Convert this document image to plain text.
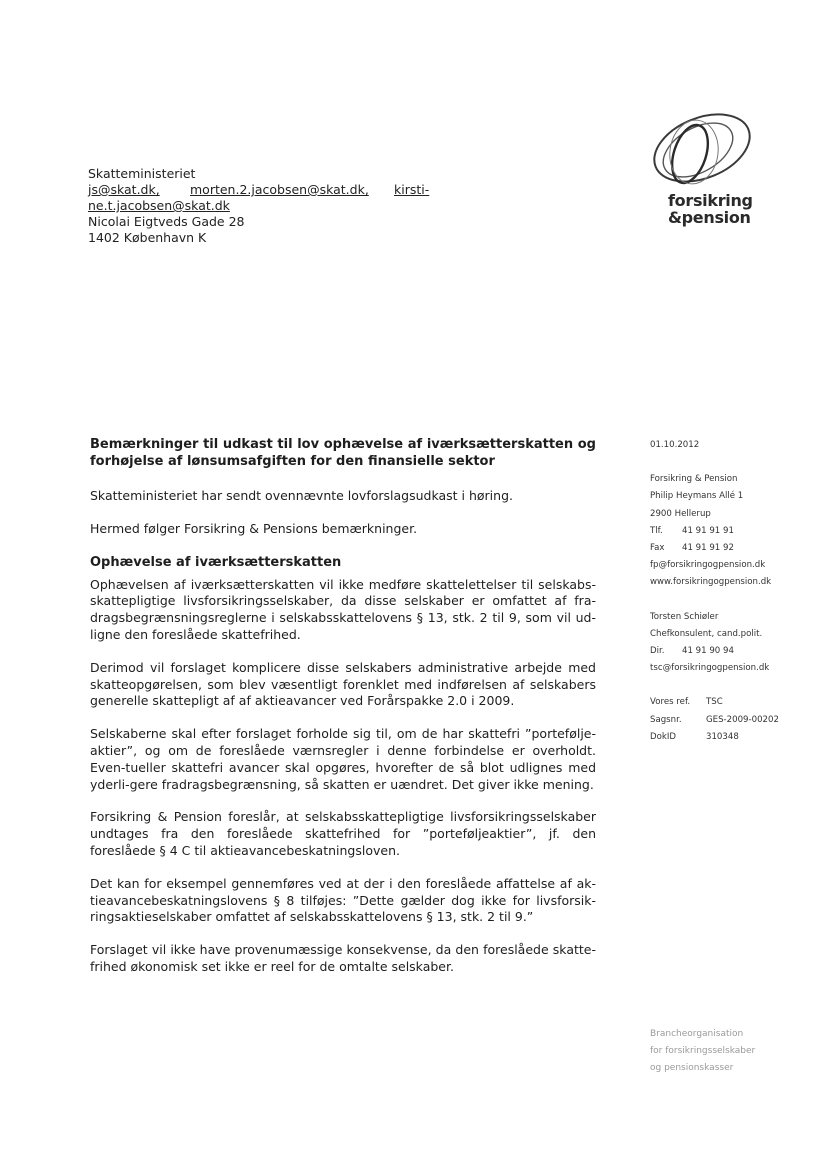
Skatteministeriet
js@skat.dk, morten.2.jacobsen@skat.dk, kirsti-
ne.t.jacobsen@skat.dk
Nicolai Eigtveds Gade 28
1402 København K
forsikring
&pension
Bemærkninger til udkast til lov ophævelse af iværksætterskatten og forhøjelse af lønsumsafgiften for den finansielle sektor

Skatteministeriet har sendt ovennævnte lovforslagsudkast i høring.

Hermed følger Forsikring & Pensions bemærkninger.

Ophævelse af iværksætterskatten

Ophævelsen af iværksætterskatten vil ikke medføre skattelettelser til selskabs-skattepligtige livsforsikringsselskaber, da disse selskaber er omfattet af fra-dragsbegrænsningsreglerne i selskabsskattelovens § 13, stk. 2 til 9, som vil ud-ligne den foreslåede skattefrihed.

Derimod vil forslaget komplicere disse selskabers administrative arbejde med skatteopgørelsen, som blev væsentligt forenklet med indførelsen af selskabers generelle skattepligt af af aktieavancer ved Forårspakke 2.0 i 2009.

Selskaberne skal efter forslaget forholde sig til, om de har skattefri ”portefølje-aktier”, og om de foreslåede værnsregler i denne forbindelse er overholdt. Even-tueller skattefri avancer skal opgøres, hvorefter de så blot udlignes med yderli-gere fradragsbegrænsning, så skatten er uændret. Det giver ikke mening.

Forsikring & Pension foreslår, at selskabsskattepligtige livsforsikringsselskaber undtages fra den foreslåede skattefrihed for ”porteføljeaktier”, jf. den foreslåede § 4 C til aktieavancebeskatningsloven.

Det kan for eksempel gennemføres ved at der i den foreslåede affattelse af ak-tieavancebeskatningslovens § 8 tilføjes: ”Dette gælder dog ikke for livsforsik-ringsaktieselskaber omfattet af selskabsskattelovens § 13, stk. 2 til 9.”

Forslaget vil ikke have provenumæssige konsekvense, da den foreslåede skatte-frihed økonomisk set ikke er reel for de omtalte selskaber.

01.10.2012
Forsikring & Pension
Philip Heymans Allé 1
2900 Hellerup
Tlf. 41 91 91 91
Fax 41 91 91 92
fp@forsikringogpension.dk
www.forsikringogpension.dk
Torsten Schiøler
Chefkonsulent, cand.polit.
Dir. 41 91 90 94
tsc@forsikringogpension.dk
Vores ref. TSC
Sagsnr.	GES-2009-00202
DokID	310348
Brancheorganisation
for forsikringsselskaber
og pensionskasser
